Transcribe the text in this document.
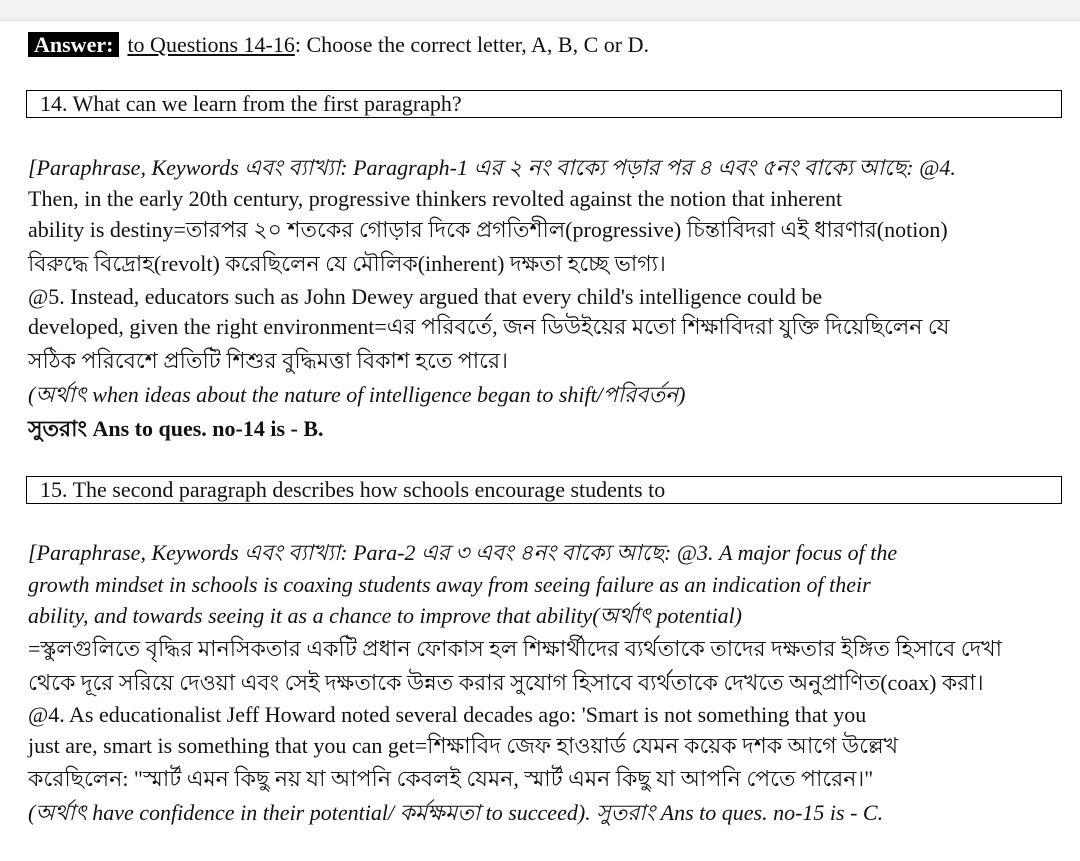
Answer: to Questions 14-16: Choose the correct letter, A, B, C or D.
14. What can we learn from the first paragraph?
[Paraphrase, Keywords এবং ব্যাখ্যা: Paragraph-1 এর ২ নং বাক্যে পড়ার পর ৪ এবং ৫নং বাক্যে আছে: @4.
Then, in the early 20th century, progressive thinkers revolted against the notion that inherent
ability is destiny=তারপর ২০ শতকের গোড়ার দিকে প্রগতিশীল(progressive) চিন্তাবিদরা এই ধারণার(notion)
বিরুদ্ধে বিদ্রোহ(revolt) করেছিলেন যে মৌলিক(inherent) দক্ষতা হচ্ছে ভাগ্য।
@5. Instead, educators such as John Dewey argued that every child's intelligence could be
developed, given the right environment=এর পরিবর্তে, জন ডিউইয়ের মতো শিক্ষাবিদরা যুক্তি দিয়েছিলেন যে
সঠিক পরিবেশে প্রতিটি শিশুর বুদ্ধিমত্তা বিকাশ হতে পারে।
(অর্থাৎ when ideas about the nature of intelligence began to shift/পরিবর্তন)
সুতরাং Ans to ques. no-14 is - B.
15. The second paragraph describes how schools encourage students to
[Paraphrase, Keywords এবং ব্যাখ্যা: Para-2 এর ৩ এবং ৪নং বাক্যে আছে: @3. A major focus of the
growth mindset in schools is coaxing students away from seeing failure as an indication of their
ability, and towards seeing it as a chance to improve that ability(অর্থাৎ potential)
=স্কুলগুলিতে বৃদ্ধির মানসিকতার একটি প্রধান ফোকাস হল শিক্ষার্থীদের ব্যর্থতাকে তাদের দক্ষতার ইঙ্গিত হিসাবে দেখা
থেকে দূরে সরিয়ে দেওয়া এবং সেই দক্ষতাকে উন্নত করার সুযোগ হিসাবে ব্যর্থতাকে দেখতে অনুপ্রাণিত(coax) করা।
@4. As educationalist Jeff Howard noted several decades ago: 'Smart is not something that you
just are, smart is something that you can get=শিক্ষাবিদ জেফ হাওয়ার্ড যেমন কয়েক দশক আগে উল্লেখ
করেছিলেন: "স্মার্ট এমন কিছু নয় যা আপনি কেবলই যেমন, স্মার্ট এমন কিছু যা আপনি পেতে পারেন।"
(অর্থাৎ have confidence in their potential/ কর্মক্ষমতা to succeed). সুতরাং Ans to ques. no-15 is - C.
